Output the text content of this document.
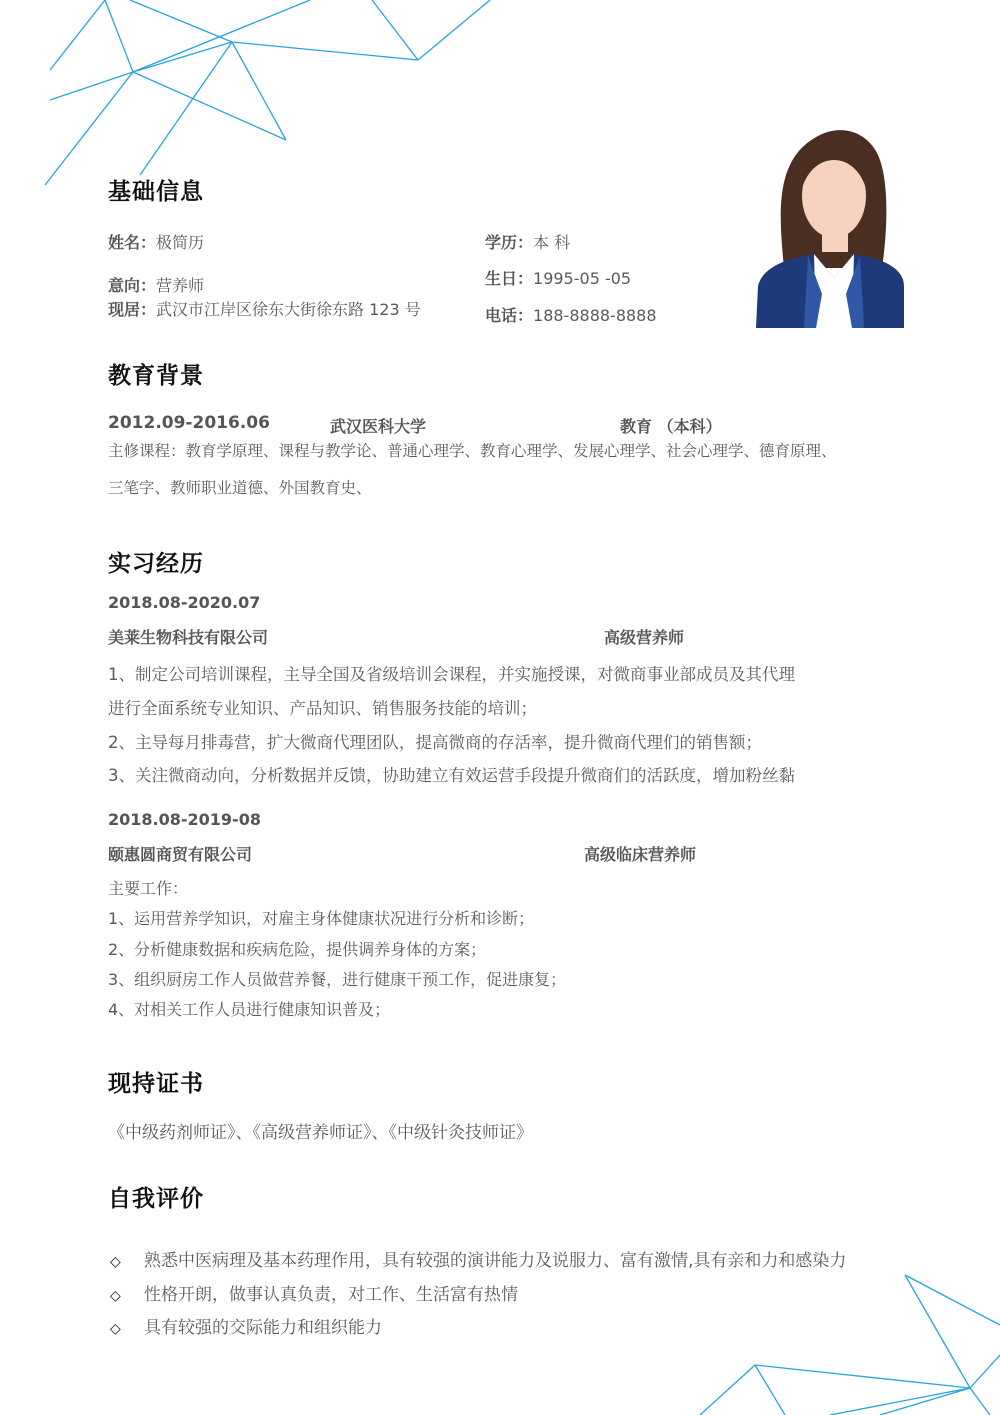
基础信息
姓名：极简历
意向：营养师
现居：武汉市江岸区徐东大街徐东路 123 号
学历：本 科
生日：1995-05 -05
电话：188-8888-8888
教育背景
2012.09-2016.06	武汉医科大学	教育 （本科）
主修课程：教育学原理、课程与教学论、普通心理学、教育心理学、发展心理学、社会心理学、德育原理、
三笔字、教师职业道德、外国教育史、
实习经历
2018.08-2020.07
美莱生物科技有限公司	高级营养师
1、制定公司培训课程，主导全国及省级培训会课程，并实施授课，对微商事业部成员及其代理
进行全面系统专业知识、产品知识、销售服务技能的培训；
2、主导每月排毒营，扩大微商代理团队，提高微商的存活率，提升微商代理们的销售额；
3、关注微商动向，分析数据并反馈，协助建立有效运营手段提升微商们的活跃度，增加粉丝黏
2018.08-2019-08
颐惠圆商贸有限公司	高级临床营养师
主要工作：
1、运用营养学知识，对雇主身体健康状况进行分析和诊断；
2、分析健康数据和疾病危险，提供调养身体的方案；
3、组织厨房工作人员做营养餐，进行健康干预工作，促进康复；
4、对相关工作人员进行健康知识普及；
现持证书
《中级药剂师证》、《高级营养师证》、《中级针灸技师证》
自我评价
◇ 熟悉中医病理及基本药理作用，具有较强的演讲能力及说服力、富有激情,具有亲和力和感染力
◇ 性格开朗，做事认真负责，对工作、生活富有热情
◇ 具有较强的交际能力和组织能力
